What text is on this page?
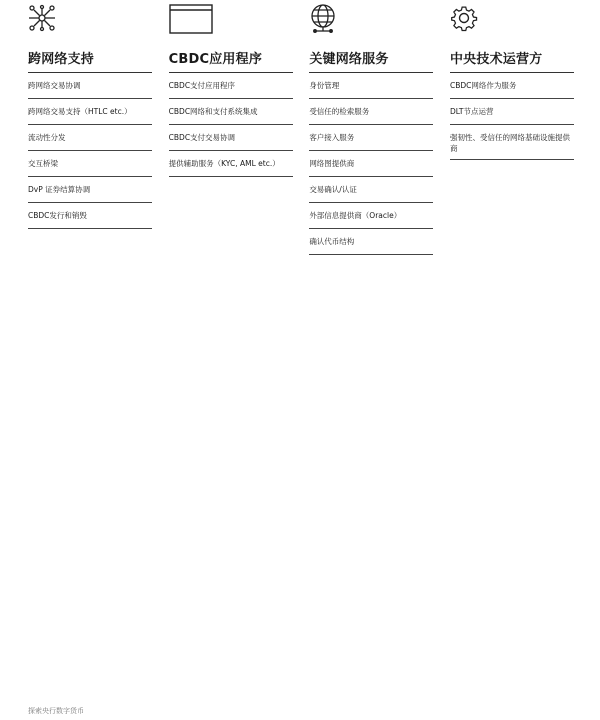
跨网络支持
跨网络交易协调
跨网络交易支持（HTLC etc.）
流动性分发
交互桥梁
DvP 证券结算协调
CBDC发行和销毁
CBDC应用程序
CBDC支付应用程序
CBDC网络和支付系统集成
CBDC支付交易协调
提供辅助服务（KYC, AML etc.）
关键网络服务
身份管理
受信任的检索服务
客户接入服务
网络图提供商
交易确认/认证
外部信息提供商（Oracle）
确认代币结构
中央技术运营方
CBDC网络作为服务
DLT节点运营
强韧性、受信任的网络基础设施提供商
探索央行数字货币
